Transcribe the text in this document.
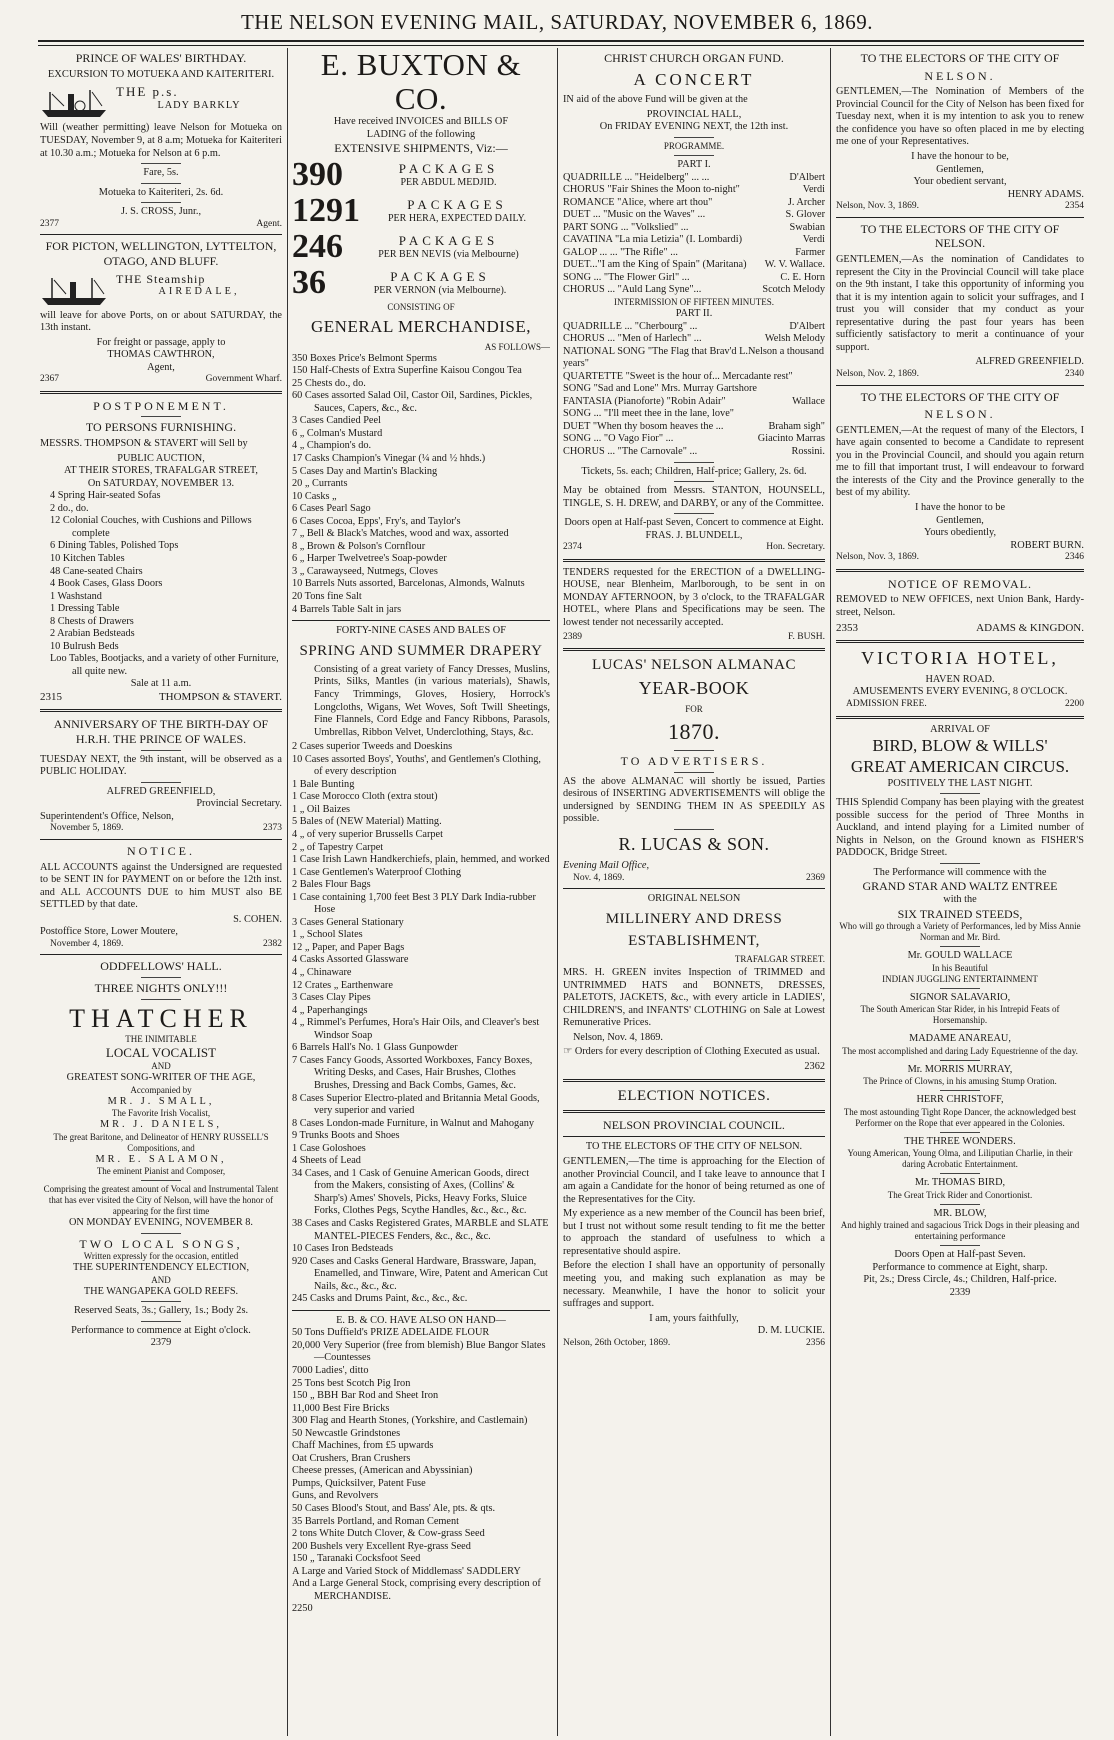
THE NELSON EVENING MAIL, SATURDAY, NOVEMBER 6, 1869.
PRINCE OF WALES' BIRTHDAY.
EXCURSION TO MOTUEKA AND KAITERITERI.
THE p.s.
LADY BARKLY
Will (weather permitting) leave Nelson for Motueka on TUESDAY, November 9, at 8 a.m; Motueka for Kaiteriteri at 10.30 a.m.; Motueka for Nelson at 6 p.m.
Fare, 5s.
Motueka to Kaiteriteri, 2s. 6d.
J. S. CROSS, Junr.,
2377	Agent.
FOR PICTON, WELLINGTON, LYTTELTON, OTAGO, AND BLUFF.
THE Steamship
AIREDALE,
will leave for above Ports, on or about SATURDAY, the 13th instant.
For freight or passage, apply to
THOMAS CAWTHRON,
Agent,
2367	Government Wharf.
POSTPONEMENT.
TO PERSONS FURNISHING.
MESSRS. THOMPSON & STAVERT will Sell by
PUBLIC AUCTION,
AT THEIR STORES, TRAFALGAR STREET,
On SATURDAY, NOVEMBER 13.
4 Spring Hair-seated Sofas
2 do., do.
12 Colonial Couches, with Cushions and Pillows complete
6 Dining Tables, Polished Tops
10 Kitchen Tables
48 Cane-seated Chairs
4 Book Cases, Glass Doors
1 Washstand
1 Dressing Table
8 Chests of Drawers
2 Arabian Bedsteads
10 Bulrush Beds
Loo Tables, Bootjacks, and a variety of other Furniture, all quite new.
Sale at 11 a.m.
2315	THOMPSON & STAVERT.
ANNIVERSARY OF THE BIRTH-DAY OF H.R.H. THE PRINCE OF WALES.
TUESDAY NEXT, the 9th instant, will be observed as a PUBLIC HOLIDAY.
ALFRED GREENFIELD,
Provincial Secretary.
Superintendent's Office, Nelson,
November 5, 1869.	2373
NOTICE.
ALL ACCOUNTS against the Undersigned are requested to be SENT IN for PAYMENT on or before the 12th inst. and ALL ACCOUNTS DUE to him MUST also BE SETTLED by that date.
S. COHEN.
Postoffice Store, Lower Moutere,
November 4, 1869.	2382
ODDFELLOWS' HALL.
THREE NIGHTS ONLY!!!
THATCHER
THE INIMITABLE
LOCAL VOCALIST
AND
GREATEST SONG-WRITER OF THE AGE,
Accompanied by
MR. J. SMALL,
The Favorite Irish Vocalist,
MR. J. DANIELS,
The great Baritone, and Delineator of HENRY RUSSELL'S Compositions, and
MR. E. SALAMON,
The eminent Pianist and Composer,
Comprising the greatest amount of Vocal and Instrumental Talent that has ever visited the City of Nelson, will have the honor of appearing for the first time
ON MONDAY EVENING, NOVEMBER 8.
TWO LOCAL SONGS,
Written expressly for the occasion, entitled
THE SUPERINTENDENCY ELECTION,
AND
THE WANGAPEKA GOLD REEFS.
Reserved Seats, 3s.; Gallery, 1s.; Body 2s.
Performance to commence at Eight o'clock.
2379
E. BUXTON & CO.
Have received INVOICES and BILLS OF
LADING of the following
EXTENSIVE SHIPMENTS, Viz:—
390	PACKAGES
PER ABDUL MEDJID.
1291	PACKAGES
PER HERA, EXPECTED DAILY.
246	PACKAGES
PER BEN NEVIS (via Melbourne)
36	PACKAGES
PER VERNON (via Melbourne).
CONSISTING OF
GENERAL MERCHANDISE,
AS FOLLOWS—
350 Boxes Price's Belmont Sperms
150 Half-Chests of Extra Superfine Kaisou Congou Tea
25 Chests do., do.
60 Cases assorted Salad Oil, Castor Oil, Sardines, Pickles, Sauces, Capers, &c., &c.
3 Cases Candied Peel
6 „ Colman's Mustard
4 „ Champion's do.
17 Casks Champion's Vinegar (¼ and ½ hhds.)
5 Cases Day and Martin's Blacking
20 „ Currants
10 Casks „
6 Cases Pearl Sago
6 Cases Cocoa, Epps', Fry's, and Taylor's
7 „ Bell & Black's Matches, wood and wax, assorted
8 „ Brown & Polson's Cornflour
6 „ Harper Twelvetree's Soap-powder
3 „ Carawayseed, Nutmegs, Cloves
10 Barrels Nuts assorted, Barcelonas, Almonds, Walnuts
20 Tons fine Salt
4 Barrels Table Salt in jars
FORTY-NINE CASES AND BALES OF
SPRING AND SUMMER DRAPERY
Consisting of a great variety of Fancy Dresses, Muslins, Prints, Silks, Mantles (in various materials), Shawls, Fancy Trimmings, Gloves, Hosiery, Horrock's Longcloths, Wigans, Wet Woves, Soft Twill Sheetings, Fine Flannels, Cord Edge and Fancy Ribbons, Parasols, Umbrellas, Ribbon Velvet, Underclothing, Stays, &c.
2 Cases superior Tweeds and Doeskins
10 Cases assorted Boys', Youths', and Gentlemen's Clothing, of every description
1 Bale Bunting
1 Case Morocco Cloth (extra stout)
1 „ Oil Baizes
5 Bales of (NEW Material) Matting.
4 „ of very superior Brussells Carpet
2 „ of Tapestry Carpet
1 Case Irish Lawn Handkerchiefs, plain, hemmed, and worked
1 Case Gentlemen's Waterproof Clothing
2 Bales Flour Bags
1 Case containing 1,700 feet Best 3 PLY Dark India-rubber Hose
3 Cases General Stationary
1 „ School Slates
12 „ Paper, and Paper Bags
4 Casks Assorted Glassware
4 „ Chinaware
12 Crates „ Earthenware
3 Cases Clay Pipes
4 „ Paperhangings
4 „ Rimmel's Perfumes, Hora's Hair Oils, and Cleaver's best Windsor Soap
6 Barrels Hall's No. 1 Glass Gunpowder
7 Cases Fancy Goods, Assorted Workboxes, Fancy Boxes, Writing Desks, and Cases, Hair Brushes, Clothes Brushes, Dressing and Back Combs, Games, &c.
8 Cases Superior Electro-plated and Britannia Metal Goods, very superior and varied
8 Cases London-made Furniture, in Walnut and Mahogany
9 Trunks Boots and Shoes
1 Case Goloshoes
4 Sheets of Lead
34 Cases, and 1 Cask of Genuine American Goods, direct from the Makers, consisting of Axes, (Collins' & Sharp's) Ames' Shovels, Picks, Heavy Forks, Sluice Forks, Clothes Pegs, Scythe Handles, &c., &c., &c.
38 Cases and Casks Registered Grates, MARBLE and SLATE MANTEL-PIECES Fenders, &c., &c., &c.
10 Cases Iron Bedsteads
920 Cases and Casks General Hardware, Brassware, Japan, Enamelled, and Tinware, Wire, Patent and American Cut Nails, &c., &c., &c.
245 Casks and Drums Paint, &c., &c., &c.
E. B. & CO. HAVE ALSO ON HAND—
50 Tons Duffield's PRIZE ADELAIDE FLOUR
20,000 Very Superior (free from blemish) Blue Bangor Slates—Countesses
7000 Ladies', ditto
25 Tons best Scotch Pig Iron
150 „ BBH Bar Rod and Sheet Iron
11,000 Best Fire Bricks
300 Flag and Hearth Stones, (Yorkshire, and Castlemain)
50 Newcastle Grindstones
Chaff Machines, from £5 upwards
Oat Crushers, Bran Crushers
Cheese presses, (American and Abyssinian)
Pumps, Quicksilver, Patent Fuse
Guns, and Revolvers
50 Cases Blood's Stout, and Bass' Ale, pts. & qts.
35 Barrels Portland, and Roman Cement
2 tons White Dutch Clover, & Cow-grass Seed
200 Bushels very Excellent Rye-grass Seed
150 „ Taranaki Cocksfoot Seed
A Large and Varied Stock of Middlemass' SADDLERY
And a Large General Stock, comprising every description of MERCHANDISE.
2250
CHRIST CHURCH ORGAN FUND.
A CONCERT
IN aid of the above Fund will be given at the
PROVINCIAL HALL,
On FRIDAY EVENING NEXT, the 12th inst.
PROGRAMME.
PART I.
QUADRILLE ... "Heidelberg" ... ...	D'Albert
CHORUS "Fair Shines the Moon to-night"	Verdi
ROMANCE "Alice, where art thou"	J. Archer
DUET ... "Music on the Waves" ...	S. Glover
PART SONG ... "Volkslied" ...	Swabian
CAVATINA "La mia Letizia" (I. Lombardi)	Verdi
GALOP ... ... "The Rifle" ...	Farmer
DUET..."I am the King of Spain" (Maritana) W. V. Wallace.
SONG ... "The Flower Girl" ...	C. E. Horn
CHORUS ... "Auld Lang Syne"...	Scotch Melody
INTERMISSION OF FIFTEEN MINUTES.
PART II.
QUADRILLE ... "Cherbourg" ...	D'Albert
CHORUS ... "Men of Harlech" ...	Welsh Melody
NATIONAL SONG "The Flag that Brav'd L.Nelson a thousand years"
QUARTETTE "Sweet is the hour of... Mercadante rest"
SONG "Sad and Lone" Mrs. Murray Gartshore
FANTASIA (Pianoforte) "Robin Adair"	Wallace
SONG ... "I'll meet thee in the lane, love"
DUET "When thy bosom heaves the ...	Braham sigh"
SONG ... "O Vago Fior" ...	Giacinto Marras
CHORUS ... "The Carnovale" ...	Rossini.
Tickets, 5s. each; Children, Half-price; Gallery, 2s. 6d.
May be obtained from Messrs. STANTON, HOUNSELL, TINGLE, S. H. DREW, and DARBY, or any of the Committee.
Doors open at Half-past Seven, Concert to commence at Eight.
FRAS. J. BLUNDELL,
2374	Hon. Secretary.
TENDERS requested for the ERECTION of a DWELLING-HOUSE, near Blenheim, Marlborough, to be sent in on MONDAY AFTERNOON, by 3 o'clock, to the TRAFALGAR HOTEL, where Plans and Specifications may be seen. The lowest tender not necessarily accepted.
2389	F. BUSH.
LUCAS' NELSON ALMANAC
YEAR-BOOK
FOR
1870.
TO ADVERTISERS.
AS the above ALMANAC will shortly be issued, Parties desirous of INSERTING ADVERTISEMENTS will oblige the undersigned by SENDING THEM IN AS SPEEDILY AS possible.
R. LUCAS & SON.
Evening Mail Office,
Nov. 4, 1869.	2369
ORIGINAL NELSON
MILLINERY AND DRESS
ESTABLISHMENT,
TRAFALGAR STREET.
MRS. H. GREEN invites Inspection of TRIMMED and UNTRIMMED HATS and BONNETS, DRESSES, PALETOTS, JACKETS, &c., with every article in LADIES', CHILDREN'S, and INFANTS' CLOTHING on Sale at Lowest Remunerative Prices.
Nelson, Nov. 4, 1869.
☞ Orders for every description of Clothing Executed as usual.
2362
ELECTION NOTICES.
NELSON PROVINCIAL COUNCIL.
TO THE ELECTORS OF THE CITY OF NELSON.
GENTLEMEN,—The time is approaching for the Election of another Provincial Council, and I take leave to announce that I am again a Candidate for the honor of being returned as one of the Representatives for the City.
My experience as a new member of the Council has been brief, but I trust not without some result tending to fit me the better to approach the standard of usefulness to which a representative should aspire.
Before the election I shall have an opportunity of personally meeting you, and making such explanation as may be necessary. Meanwhile, I have the honor to solicit your suffrages and support.
I am, yours faithfully,
D. M. LUCKIE.
Nelson, 26th October, 1869.	2356
TO THE ELECTORS OF THE CITY OF
NELSON.
GENTLEMEN,—The Nomination of Members of the Provincial Council for the City of Nelson has been fixed for Tuesday next, when it is my intention to ask you to renew the confidence you have so often placed in me by electing me one of your Representatives.
I have the honour to be,
Gentlemen,
Your obedient servant,
HENRY ADAMS.
Nelson, Nov. 3, 1869.	2354
TO THE ELECTORS OF THE CITY OF NELSON.
GENTLEMEN,—As the nomination of Candidates to represent the City in the Provincial Council will take place on the 9th instant, I take this opportunity of informing you that it is my intention again to solicit your suffrages, and I trust you will consider that my conduct as your representative during the past four years has been sufficiently satisfactory to merit a continuance of your support.
ALFRED GREENFIELD.
Nelson, Nov. 2, 1869.	2340
TO THE ELECTORS OF THE CITY OF
NELSON.
GENTLEMEN,—At the request of many of the Electors, I have again consented to become a Candidate to represent you in the Provincial Council, and should you again return me to fill that important trust, I will endeavour to forward the interests of the City and the Province generally to the best of my ability.
I have the honor to be
Gentlemen,
Yours obediently,
ROBERT BURN.
Nelson, Nov. 3, 1869.	2346
NOTICE OF REMOVAL.
REMOVED to NEW OFFICES, next Union Bank, Hardy-street, Nelson.
2353	ADAMS & KINGDON.
VICTORIA HOTEL,
HAVEN ROAD.
AMUSEMENTS EVERY EVENING, 8 O'CLOCK.
ADMISSION FREE.	2200
ARRIVAL OF
BIRD, BLOW & WILLS'
GREAT AMERICAN CIRCUS.
POSITIVELY THE LAST NIGHT.
THIS Splendid Company has been playing with the greatest possible success for the period of Three Months in Auckland, and intend playing for a Limited number of Nights in Nelson, on the Ground known as FISHER'S PADDOCK, Bridge Street.
The Performance will commence with the
GRAND STAR AND WALTZ ENTREE
with the
SIX TRAINED STEEDS,
Who will go through a Variety of Performances, led by Miss Annie Norman and Mr. Bird.
Mr. GOULD WALLACE
In his Beautiful
INDIAN JUGGLING ENTERTAINMENT
SIGNOR SALAVARIO,
The South American Star Rider, in his Intrepid Feats of Horsemanship.
MADAME ANAREAU,
The most accomplished and daring Lady Equestrienne of the day.
Mr. MORRIS MURRAY,
The Prince of Clowns, in his amusing Stump Oration.
HERR CHRISTOFF,
The most astounding Tight Rope Dancer, the acknowledged best Performer on the Rope that ever appeared in the Colonies.
THE THREE WONDERS.
Young American, Young Olma, and Liliputian Charlie, in their daring Acrobatic Entertainment.
Mr. THOMAS BIRD,
The Great Trick Rider and Conortionist.
MR. BLOW,
And highly trained and sagacious Trick Dogs in their pleasing and entertaining performance
Doors Open at Half-past Seven.
Performance to commence at Eight, sharp.
Pit, 2s.; Dress Circle, 4s.; Children, Half-price.
2339
